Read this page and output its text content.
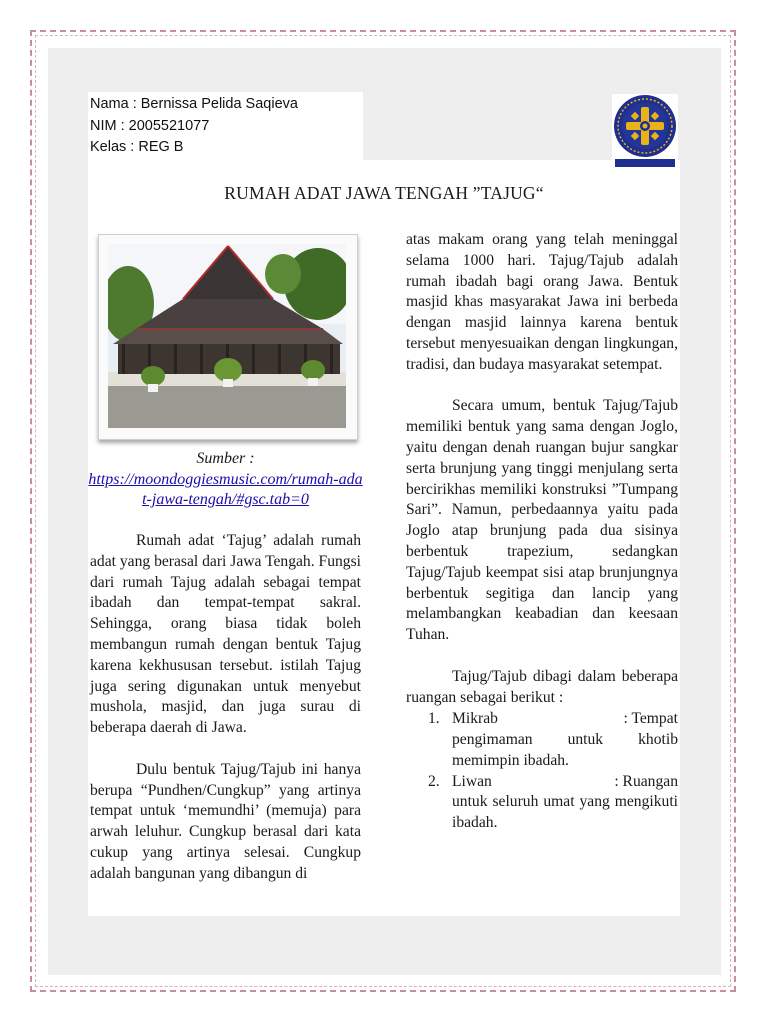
Nama : Bernissa Pelida Saqieva
NIM : 2005521077
Kelas : REG B
RUMAH ADAT JAWA TENGAH ”TAJUG“
Sumber :
https://moondoggiesmusic.com/rumah-adat-jawa-tengah/#gsc.tab=0

Rumah adat ‘Tajug’ adalah rumah adat yang berasal dari Jawa Tengah. Fungsi dari rumah Tajug adalah sebagai tempat ibadah dan tempat-tempat sakral. Sehingga, orang biasa tidak boleh membangun rumah dengan bentuk Tajug karena kekhususan tersebut. istilah Tajug juga sering digunakan untuk menyebut mushola, masjid, dan juga surau di beberapa daerah di Jawa.

Dulu bentuk Tajug/Tajub ini hanya berupa “Pundhen/Cungkup” yang artinya tempat untuk ‘memundhi’ (memuja) para arwah leluhur. Cungkup berasal dari kata cukup yang artinya selesai. Cungkup adalah bangunan yang dibangun di

atas makam orang yang telah meninggal selama 1000 hari. Tajug/Tajub adalah rumah ibadah bagi orang Jawa. Bentuk masjid khas masyarakat Jawa ini berbeda dengan masjid lainnya karena bentuk tersebut menyesuaikan dengan lingkungan, tradisi, dan budaya masyarakat setempat.

Secara umum, bentuk Tajug/Tajub memiliki bentuk yang sama dengan Joglo, yaitu dengan denah ruangan bujur sangkar serta brunjung yang tinggi menjulang serta bercirikhas memiliki konstruksi ”Tumpang Sari”. Namun, perbedaannya yaitu pada Joglo atap brunjung pada dua sisinya berbentuk trapezium, sedangkan Tajug/Tajub keempat sisi atap brunjungnya berbentuk segitiga dan lancip yang melambangkan keabadian dan keesaan Tuhan.

Tajug/Tajub dibagi dalam beberapa ruangan sebagai berikut :

1. Mikrab	: Tempat
pengimaman untuk khotib memimpin ibadah.
2. Liwan	: Ruangan
untuk seluruh umat yang mengikuti ibadah.
